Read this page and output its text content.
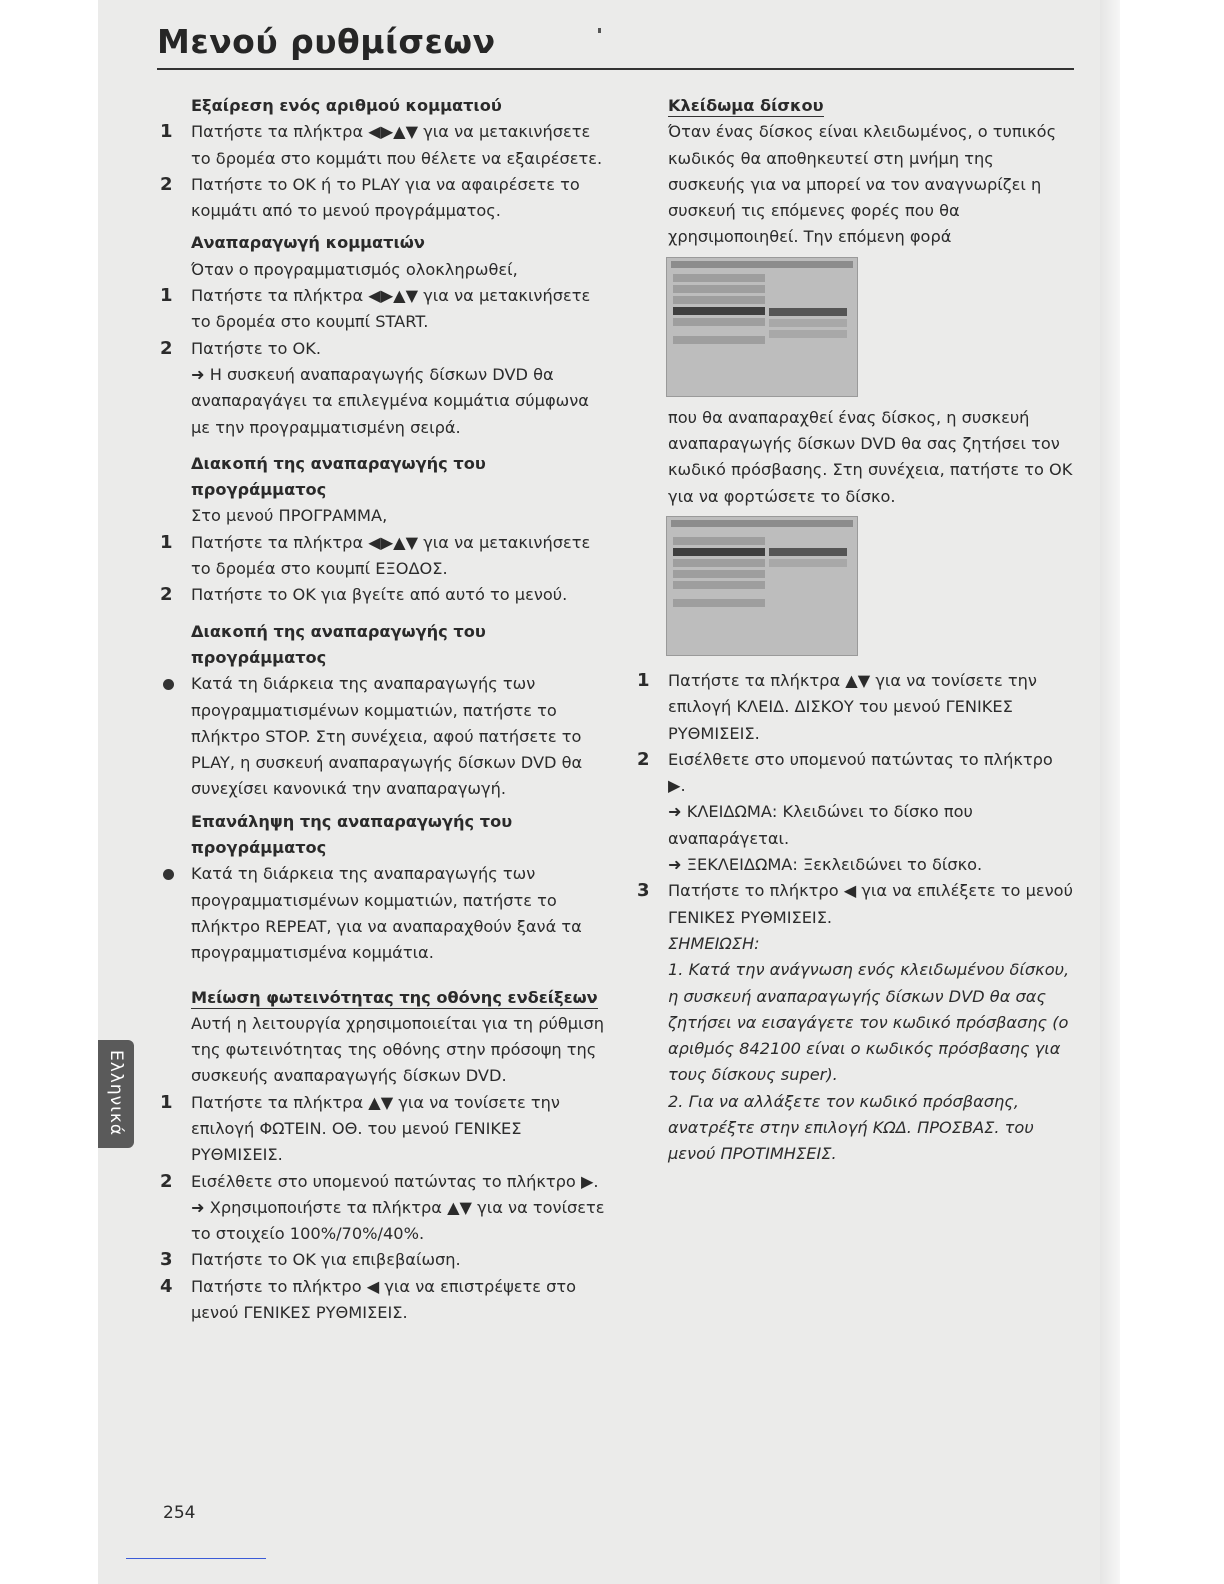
Μενού ρυθμίσεων

Εξαίρεση ενός αριθμού κομματιού

1 Πατήστε τα πλήκτρα ◀▶▲▼ για να μετακινήσετε το δρομέα στο κομμάτι που θέλετε να εξαιρέσετε.
2 Πατήστε το OK ή το PLAY για να αφαιρέσετε το κομμάτι από το μενού προγράμματος.

Αναπαραγωγή κομματιών

Όταν ο προγραμματισμός ολοκληρωθεί,

1 Πατήστε τα πλήκτρα ◀▶▲▼ για να μετακινήσετε το δρομέα στο κουμπί START.
2 Πατήστε το OK.

➜ Η συσκευή αναπαραγωγής δίσκων DVD θα αναπαραγάγει τα επιλεγμένα κομμάτια σύμφωνα με την προγραμματισμένη σειρά.

Διακοπή της αναπαραγωγής του προγράμματος

Στο μενού ΠΡΟΓΡΑΜΜΑ,

1 Πατήστε τα πλήκτρα ◀▶▲▼ για να μετακινήσετε το δρομέα στο κουμπί ΕΞΟΔΟΣ.
2 Πατήστε το OK για βγείτε από αυτό το μενού.

Διακοπή της αναπαραγωγής του προγράμματος

Κατά τη διάρκεια της αναπαραγωγής των προγραμματισμένων κομματιών, πατήστε το πλήκτρο STOP. Στη συνέχεια, αφού πατήσετε το PLAY, η συσκευή αναπαραγωγής δίσκων DVD θα συνεχίσει κανονικά την αναπαραγωγή.

Επανάληψη της αναπαραγωγής του προγράμματος

Κατά τη διάρκεια της αναπαραγωγής των προγραμματισμένων κομματιών, πατήστε το πλήκτρο REPEAT, για να αναπαραχθούν ξανά τα προγραμματισμένα κομμάτια.

Μείωση φωτεινότητας της οθόνης ενδείξεων

Αυτή η λειτουργία χρησιμοποιείται για τη ρύθμιση της φωτεινότητας της οθόνης στην πρόσοψη της συσκευής αναπαραγωγής δίσκων DVD.

1 Πατήστε τα πλήκτρα ▲▼ για να τονίσετε την επιλογή ΦΩΤΕΙΝ. ΟΘ. του μενού ΓΕΝΙΚΕΣ ΡΥΘΜΙΣΕΙΣ.
2 Εισέλθετε στο υπομενού πατώντας το πλήκτρο ▶.

➜ Χρησιμοποιήστε τα πλήκτρα ▲▼ για να τονίσετε το στοιχείο 100%/70%/40%.

3 Πατήστε το OK για επιβεβαίωση.
4 Πατήστε το πλήκτρο ◀ για να επιστρέψετε στο μενού ΓΕΝΙΚΕΣ ΡΥΘΜΙΣΕΙΣ.

Κλείδωμα δίσκου

Όταν ένας δίσκος είναι κλειδωμένος, ο τυπικός κωδικός θα αποθηκευτεί στη μνήμη της συσκευής για να μπορεί να τον αναγνωρίζει η συσκευή τις επόμενες φορές που θα χρησιμοποιηθεί. Την επόμενη φορά

που θα αναπαραχθεί ένας δίσκος, η συσκευή αναπαραγωγής δίσκων DVD θα σας ζητήσει τον κωδικό πρόσβασης. Στη συνέχεια, πατήστε το OK για να φορτώσετε το δίσκο.

1 Πατήστε τα πλήκτρα ▲▼ για να τονίσετε την επιλογή ΚΛΕΙΔ. ΔΙΣΚΟΥ του μενού ΓΕΝΙΚΕΣ ΡΥΘΜΙΣΕΙΣ.
2 Εισέλθετε στο υπομενού πατώντας το πλήκτρο ▶.

➜ ΚΛΕΙΔΩΜΑ: Κλειδώνει το δίσκο που αναπαράγεται.

➜ ΞΕΚΛΕΙΔΩΜΑ: Ξεκλειδώνει το δίσκο.

3 Πατήστε το πλήκτρο ◀ για να επιλέξετε το μενού ΓΕΝΙΚΕΣ ΡΥΘΜΙΣΕΙΣ.

ΣΗΜΕΙΩΣΗ:

1. Κατά την ανάγνωση ενός κλειδωμένου δίσκου, η συσκευή αναπαραγωγής δίσκων DVD θα σας ζητήσει να εισαγάγετε τον κωδικό πρόσβασης (ο αριθμός 842100 είναι ο κωδικός πρόσβασης για τους δίσκους super).

2. Για να αλλάξετε τον κωδικό πρόσβασης, ανατρέξτε στην επιλογή ΚΩΔ. ΠΡΟΣΒΑΣ. του μενού ΠΡΟΤΙΜΗΣΕΙΣ.

Ελληνικά
254
